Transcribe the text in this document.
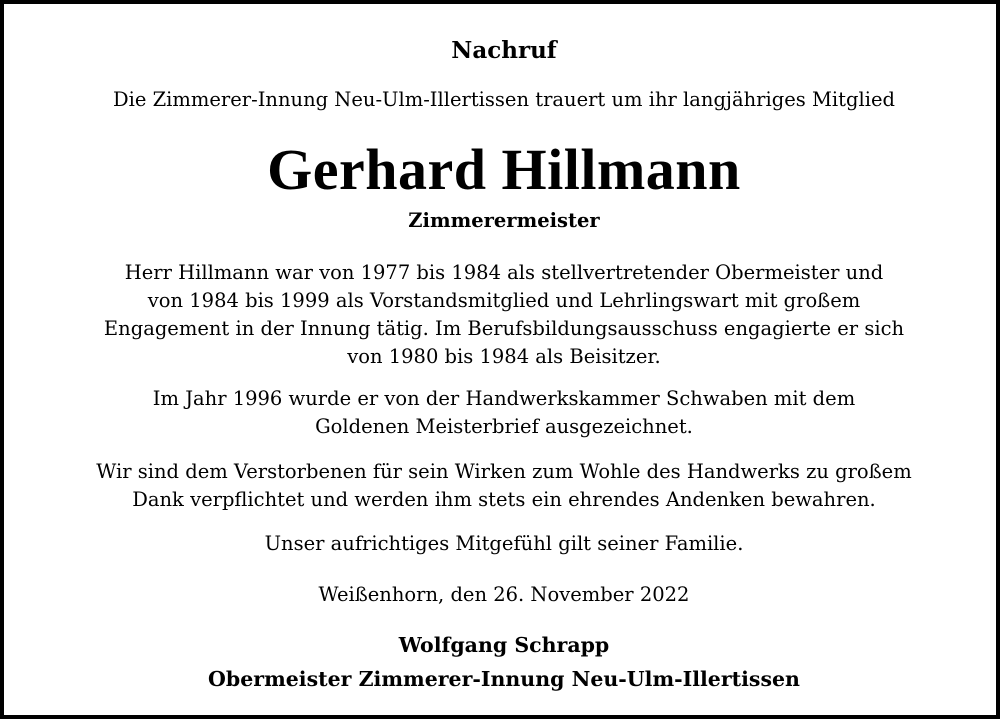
Nachruf
Die Zimmerer-Innung Neu-Ulm-Illertissen trauert um ihr langjähriges Mitglied
Gerhard Hillmann
Zimmerermeister
Herr Hillmann war von 1977 bis 1984 als stellvertretender Obermeister und
von 1984 bis 1999 als Vorstandsmitglied und Lehrlingswart mit großem
Engagement in der Innung tätig. Im Berufsbildungsausschuss engagierte er sich
von 1980 bis 1984 als Beisitzer.
Im Jahr 1996 wurde er von der Handwerkskammer Schwaben mit dem
Goldenen Meisterbrief ausgezeichnet.
Wir sind dem Verstorbenen für sein Wirken zum Wohle des Handwerks zu großem
Dank verpflichtet und werden ihm stets ein ehrendes Andenken bewahren.
Unser aufrichtiges Mitgefühl gilt seiner Familie.
Weißenhorn, den 26. November 2022
Wolfgang Schrapp
Obermeister Zimmerer-Innung Neu-Ulm-Illertissen
